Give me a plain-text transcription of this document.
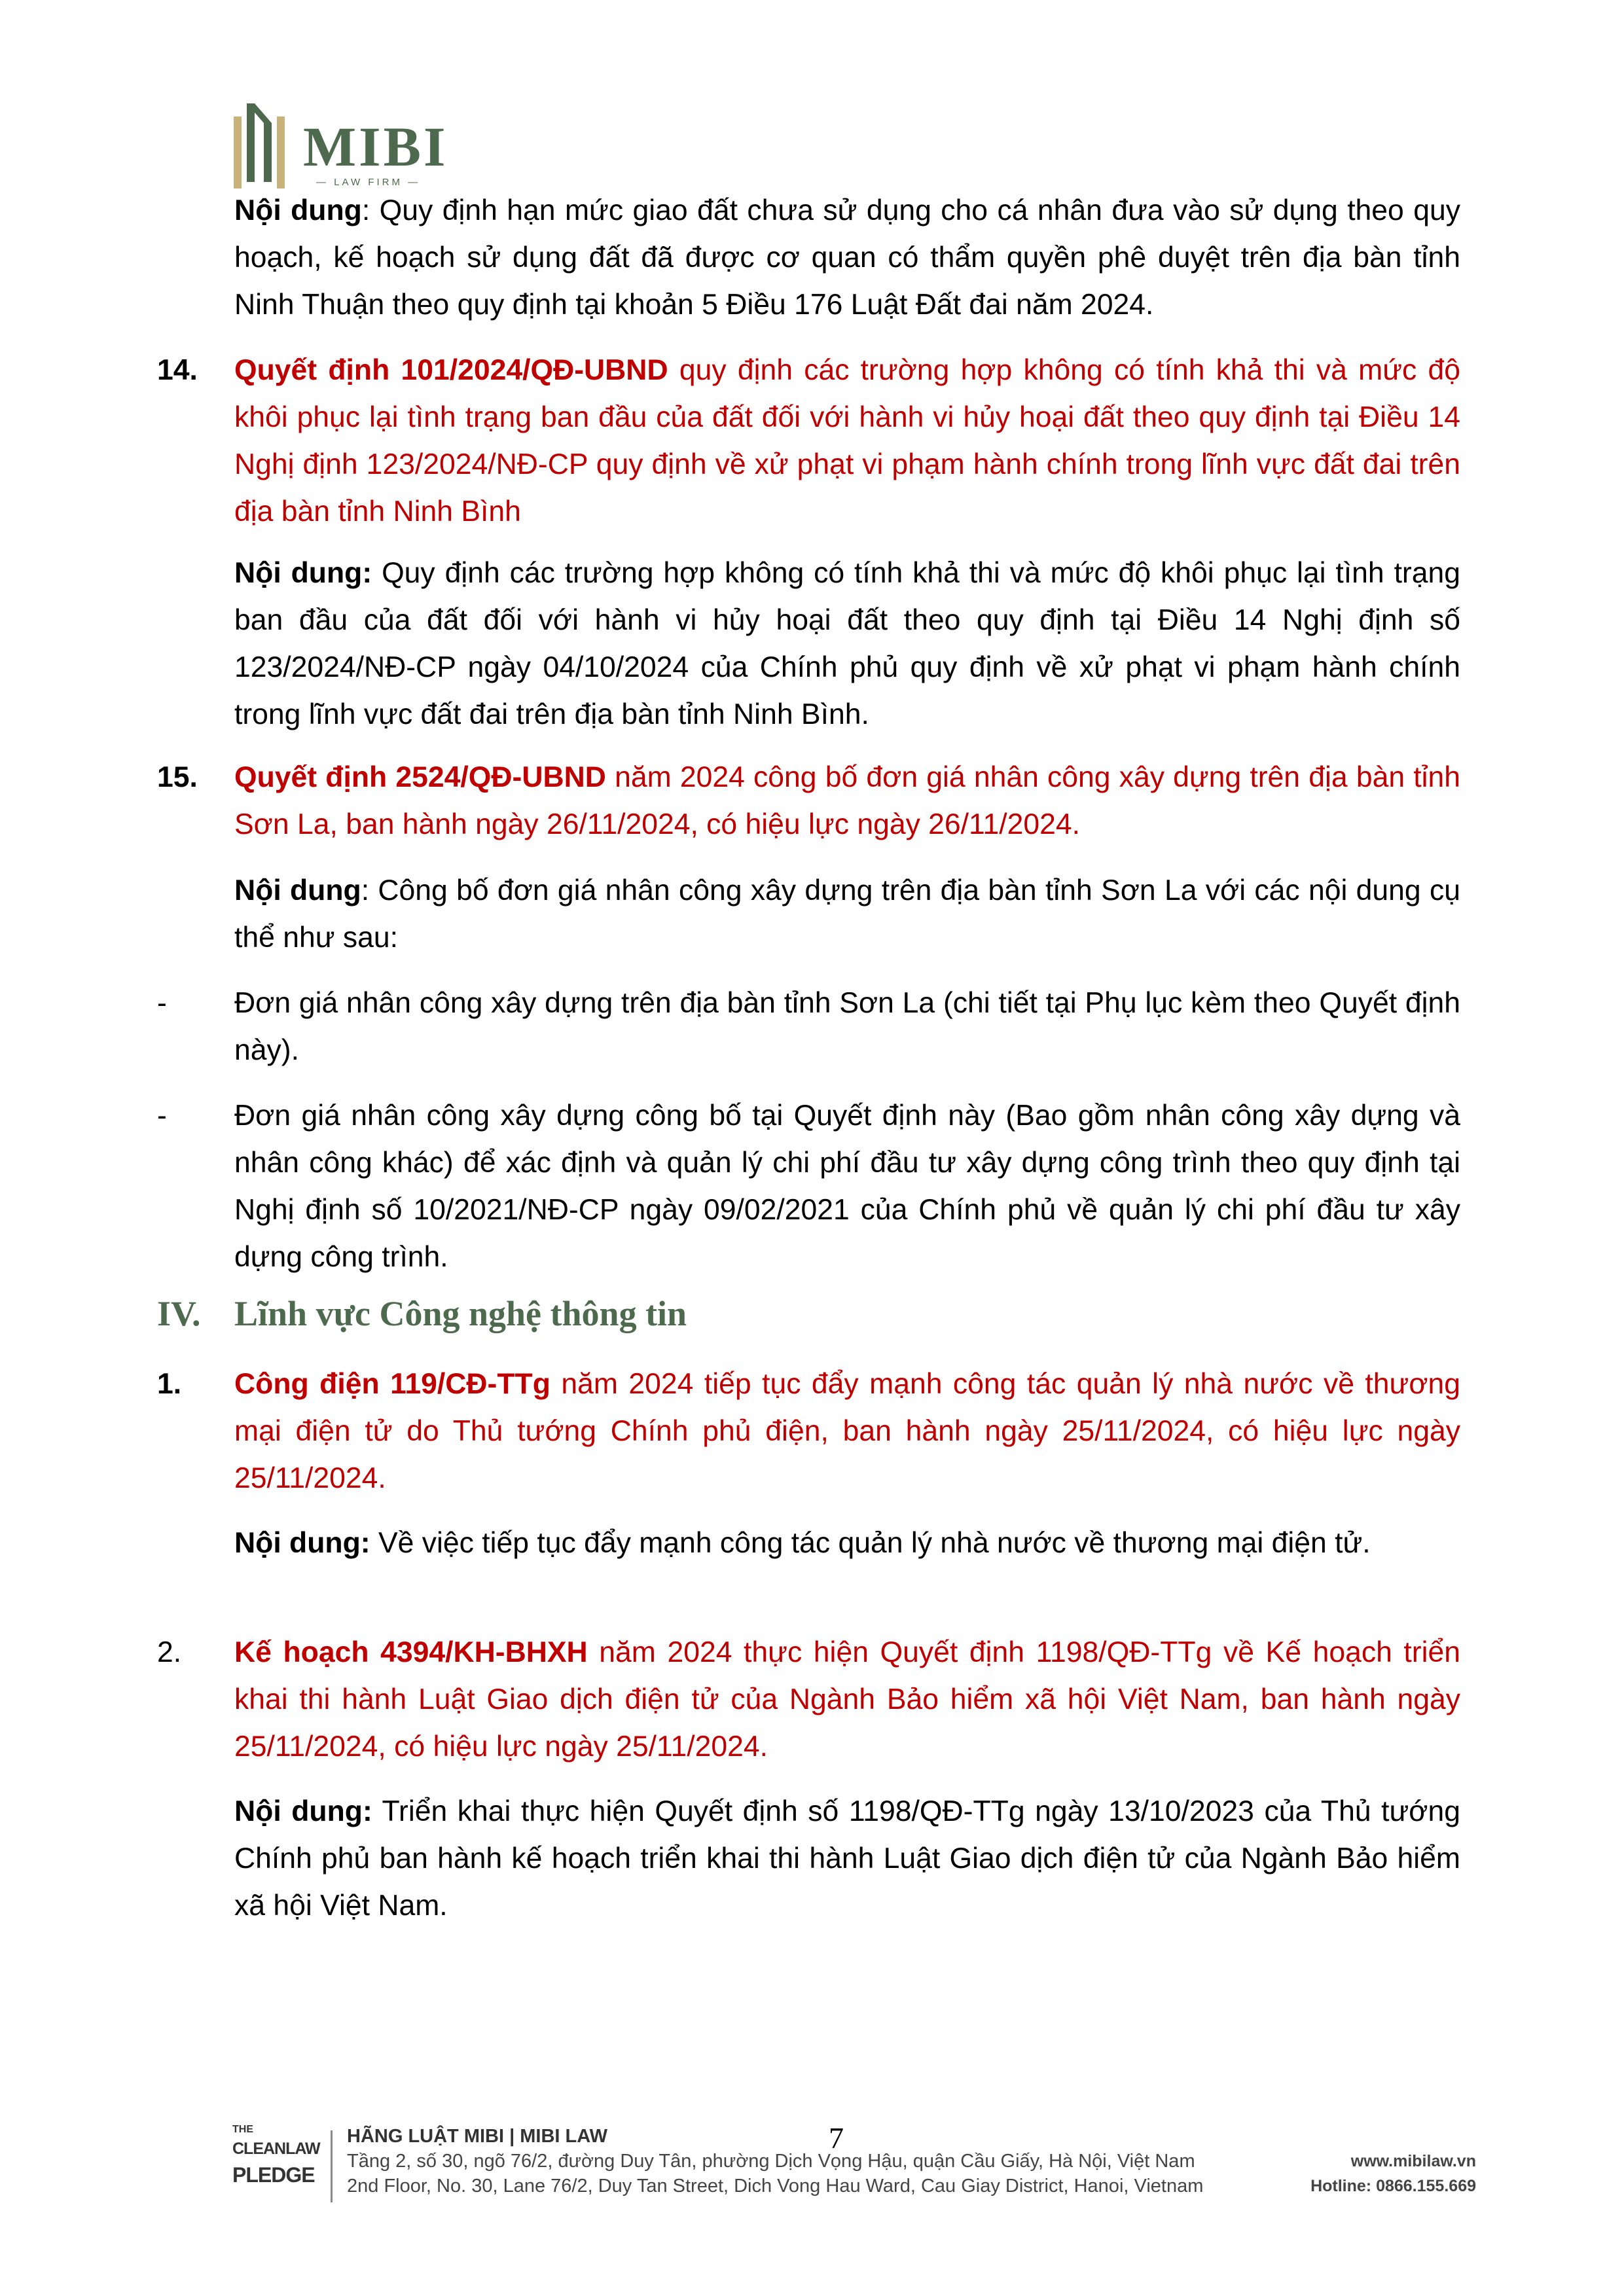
MIBI
— LAW FIRM —
Nội dung: Quy định hạn mức giao đất chưa sử dụng cho cá nhân đưa vào sử dụng theo quy hoạch, kế hoạch sử dụng đất đã được cơ quan có thẩm quyền phê duyệt trên địa bàn tỉnh Ninh Thuận theo quy định tại khoản 5 Điều 176 Luật Đất đai năm 2024.
14. Quyết định 101/2024/QĐ-UBND quy định các trường hợp không có tính khả thi và mức độ khôi phục lại tình trạng ban đầu của đất đối với hành vi hủy hoại đất theo quy định tại Điều 14 Nghị định 123/2024/NĐ-CP quy định về xử phạt vi phạm hành chính trong lĩnh vực đất đai trên địa bàn tỉnh Ninh Bình
Nội dung: Quy định các trường hợp không có tính khả thi và mức độ khôi phục lại tình trạng ban đầu của đất đối với hành vi hủy hoại đất theo quy định tại Điều 14 Nghị định số 123/2024/NĐ-CP ngày 04/10/2024 của Chính phủ quy định về xử phạt vi phạm hành chính trong lĩnh vực đất đai trên địa bàn tỉnh Ninh Bình.
15. Quyết định 2524/QĐ-UBND năm 2024 công bố đơn giá nhân công xây dựng trên địa bàn tỉnh Sơn La, ban hành ngày 26/11/2024, có hiệu lực ngày 26/11/2024.
Nội dung: Công bố đơn giá nhân công xây dựng trên địa bàn tỉnh Sơn La với các nội dung cụ thể như sau:
- Đơn giá nhân công xây dựng trên địa bàn tỉnh Sơn La (chi tiết tại Phụ lục kèm theo Quyết định này).
- Đơn giá nhân công xây dựng công bố tại Quyết định này (Bao gồm nhân công xây dựng và nhân công khác) để xác định và quản lý chi phí đầu tư xây dựng công trình theo quy định tại Nghị định số 10/2021/NĐ-CP ngày 09/02/2021 của Chính phủ về quản lý chi phí đầu tư xây dựng công trình.
IV. Lĩnh vực Công nghệ thông tin
1. Công điện 119/CĐ-TTg năm 2024 tiếp tục đẩy mạnh công tác quản lý nhà nước về thương mại điện tử do Thủ tướng Chính phủ điện, ban hành ngày 25/11/2024, có hiệu lực ngày 25/11/2024.
Nội dung: Về việc tiếp tục đẩy mạnh công tác quản lý nhà nước về thương mại điện tử.
2. Kế hoạch 4394/KH-BHXH năm 2024 thực hiện Quyết định 1198/QĐ-TTg về Kế hoạch triển khai thi hành Luật Giao dịch điện tử của Ngành Bảo hiểm xã hội Việt Nam, ban hành ngày 25/11/2024, có hiệu lực ngày 25/11/2024.
Nội dung: Triển khai thực hiện Quyết định số 1198/QĐ-TTg ngày 13/10/2023 của Thủ tướng Chính phủ ban hành kế hoạch triển khai thi hành Luật Giao dịch điện tử của Ngành Bảo hiểm xã hội Việt Nam.
7
THE
CLEANLAW
PLEDGE
HÃNG LUẬT MIBI | MIBI LAW
Tầng 2, số 30, ngõ 76/2, đường Duy Tân, phường Dịch Vọng Hậu, quận Cầu Giấy, Hà Nội, Việt Nam
2nd Floor, No. 30, Lane 76/2, Duy Tan Street, Dich Vong Hau Ward, Cau Giay District, Hanoi, Vietnam
www.mibilaw.vn
Hotline: 0866.155.669
